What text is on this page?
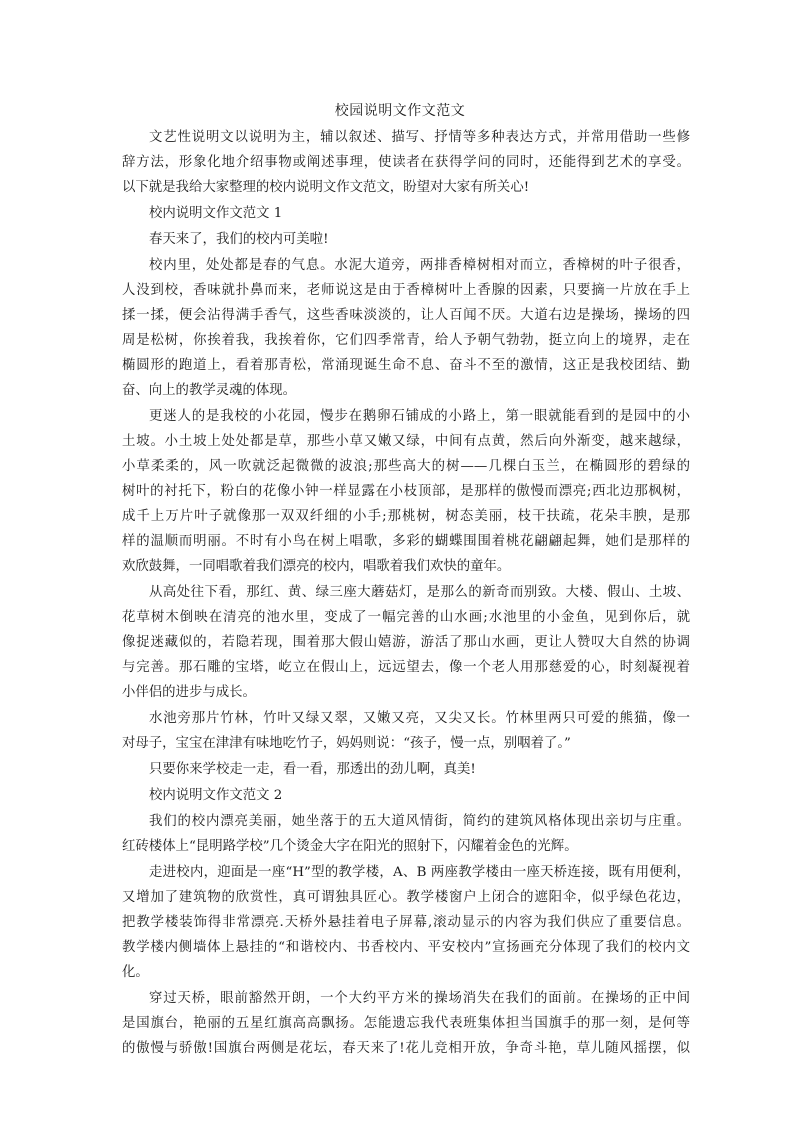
校园说明文作文范文
文艺性说明文以说明为主，辅以叙述、描写、抒情等多种表达方式，并常用借助一些修
辞方法，形象化地介绍事物或阐述事理，使读者在获得学问的同时，还能得到艺术的享受。
以下就是我给大家整理的校内说明文作文范文，盼望对大家有所关心!
校内说明文作文范文 1
春天来了，我们的校内可美啦!
校内里，处处都是春的气息。水泥大道旁，两排香樟树相对而立，香樟树的叶子很香，
人没到校，香味就扑鼻而来，老师说这是由于香樟树叶上香腺的因素，只要摘一片放在手上
揉一揉，便会沾得满手香气，这些香味淡淡的，让人百闻不厌。大道右边是操场，操场的四
周是松树，你挨着我，我挨着你，它们四季常青，给人予朝气勃勃，挺立向上的境界，走在
椭圆形的跑道上，看着那青松，常涌现诞生命不息、奋斗不至的激情，这正是我校团结、勤
奋、向上的教学灵魂的体现。
更迷人的是我校的小花园，慢步在鹅卵石铺成的小路上，第一眼就能看到的是园中的小
土坡。小土坡上处处都是草，那些小草又嫩又绿，中间有点黄，然后向外渐变，越来越绿，
小草柔柔的，风一吹就泛起微微的波浪;那些高大的树——几棵白玉兰，在椭圆形的碧绿的
树叶的衬托下，粉白的花像小钟一样显露在小枝顶部，是那样的傲慢而漂亮;西北边那枫树，
成千上万片叶子就像那一双双纤细的小手;那桃树，树态美丽，枝干扶疏，花朵丰腴，是那
样的温顺而明丽。不时有小鸟在树上唱歌，多彩的蝴蝶围围着桃花翩翩起舞，她们是那样的
欢欣鼓舞，一同唱歌着我们漂亮的校内，唱歌着我们欢快的童年。
从高处往下看，那红、黄、绿三座大蘑菇灯，是那么的新奇而别致。大楼、假山、土坡、
花草树木倒映在清亮的池水里，变成了一幅完善的山水画;水池里的小金鱼，见到你后，就
像捉迷藏似的，若隐若现，围着那大假山嬉游，游活了那山水画，更让人赞叹大自然的协调
与完善。那石雕的宝塔，屹立在假山上，远远望去，像一个老人用那慈爱的心，时刻凝视着
小伴侣的进步与成长。
水池旁那片竹林，竹叶又绿又翠，又嫩又亮，又尖又长。竹林里两只可爱的熊猫，像一
对母子，宝宝在津津有味地吃竹子，妈妈则说：“孩子，慢一点，别咽着了。”
只要你来学校走一走，看一看，那透出的劲儿啊，真美!
校内说明文作文范文 2
我们的校内漂亮美丽，她坐落于的五大道风情街，简约的建筑风格体现出亲切与庄重。
红砖楼体上“昆明路学校”几个烫金大字在阳光的照射下，闪耀着金色的光辉。
走进校内，迎面是一座“H”型的教学楼，A、B 两座教学楼由一座天桥连接，既有用便利，
又增加了建筑物的欣赏性，真可谓独具匠心。教学楼窗户上闭合的遮阳伞，似乎绿色花边，
把教学楼装饰得非常漂亮.天桥外悬挂着电子屏幕,滚动显示的内容为我们供应了重要信息。
教学楼内侧墙体上悬挂的“和谐校内、书香校内、平安校内”宣扬画充分体现了我们的校内文
化。
穿过天桥，眼前豁然开朗，一个大约平方米的操场消失在我们的面前。在操场的正中间
是国旗台，艳丽的五星红旗高高飘扬。怎能遗忘我代表班集体担当国旗手的那一刻，是何等
的傲慢与骄傲!国旗台两侧是花坛，春天来了!花儿竞相开放，争奇斗艳，草儿随风摇摆，似
